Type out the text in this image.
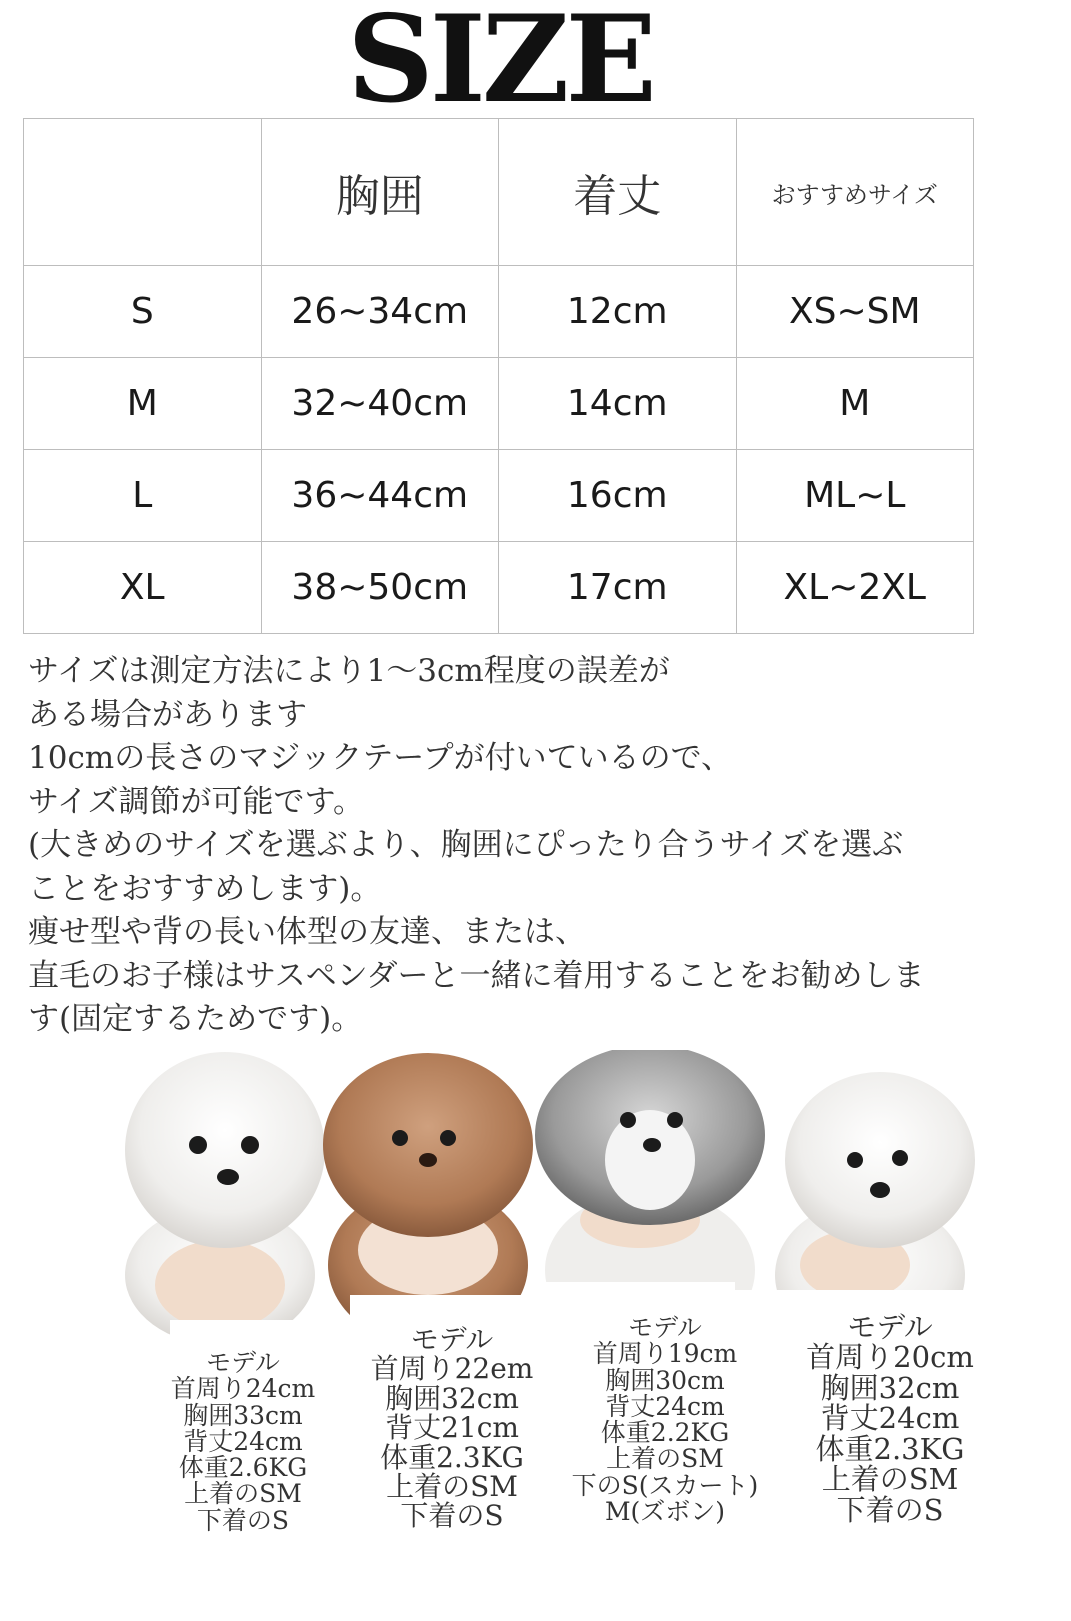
SIZE
	胸囲	着丈	おすすめサイズ
S	26~34cm	12cm	XS~SM
M	32~40cm	14cm	M
L	36~44cm	16cm	ML~L
XL	38~50cm	17cm	XL~2XL
サイズは測定方法により1〜3cm程度の誤差が
ある場合があります
10cmの長さのマジックテープが付いているので、
サイズ調節が可能です。
(大きめのサイズを選ぶより、胸囲にぴったり合うサイズを選ぶ
ことをおすすめします)。
痩せ型や背の長い体型の友達、または、
直毛のお子様はサスペンダーと一緒に着用することをお勧めしま
す(固定するためです)。
モデル
首周り24cm
胸囲33cm
背丈24cm
体重2.6KG
上着のSM
下着のS
モデル
首周り22em
胸囲32cm
背丈21cm
体重2.3KG
上着のSM
下着のS
モデル
首周り19cm
胸囲30cm
背丈24cm
体重2.2KG
上着のSM
下のS(スカート)
M(ズボン)
モデル
首周り20cm
胸囲32cm
背丈24cm
体重2.3KG
上着のSM
下着のS
